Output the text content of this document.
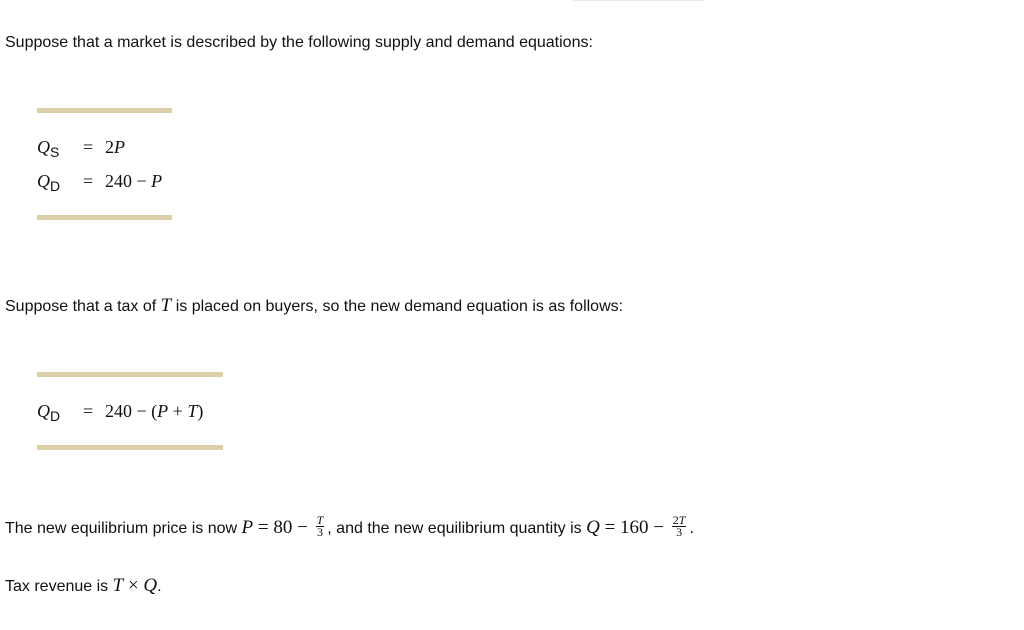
Suppose that a market is described by the following supply and demand equations:
$Q_S = 2P$
$Q_D = 240 - P$
Suppose that a tax of T is placed on buyers, so the new demand equation is as follows:
$Q_D = 240 - (P + T)$
The new equilibrium price is now $P = 80 - \frac{T}{3}$ , and the new equilibrium quantity is $Q = 160 - \frac{2T}{3}$ .
Tax revenue is T × Q.
